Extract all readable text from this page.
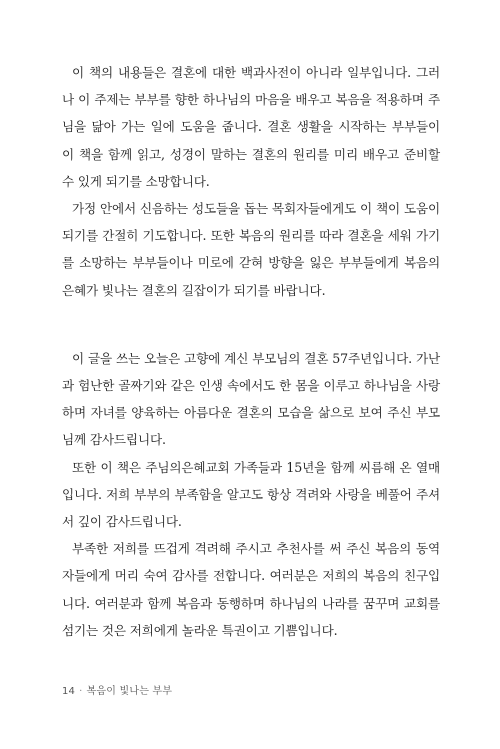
이 책의 내용들은 결혼에 대한 백과사전이 아니라 일부입니다. 그러나 이 주제는 부부를 향한 하나님의 마음을 배우고 복음을 적용하며 주님을 닮아 가는 일에 도움을 줍니다. 결혼 생활을 시작하는 부부들이 이 책을 함께 읽고, 성경이 말하는 결혼의 원리를 미리 배우고 준비할 수 있게 되기를 소망합니다.

가정 안에서 신음하는 성도들을 돕는 목회자들에게도 이 책이 도움이 되기를 간절히 기도합니다. 또한 복음의 원리를 따라 결혼을 세워 가기를 소망하는 부부들이나 미로에 갇혀 방향을 잃은 부부들에게 복음의 은혜가 빛나는 결혼의 길잡이가 되기를 바랍니다.

이 글을 쓰는 오늘은 고향에 계신 부모님의 결혼 57주년입니다. 가난과 험난한 골짜기와 같은 인생 속에서도 한 몸을 이루고 하나님을 사랑하며 자녀를 양육하는 아름다운 결혼의 모습을 삶으로 보여 주신 부모님께 감사드립니다.

또한 이 책은 주님의은혜교회 가족들과 15년을 함께 씨름해 온 열매입니다. 저희 부부의 부족함을 알고도 항상 격려와 사랑을 베풀어 주셔서 깊이 감사드립니다.

부족한 저희를 뜨겁게 격려해 주시고 추천사를 써 주신 복음의 동역자들에게 머리 숙여 감사를 전합니다. 여러분은 저희의 복음의 친구입니다. 여러분과 함께 복음과 동행하며 하나님의 나라를 꿈꾸며 교회를 섬기는 것은 저희에게 놀라운 특권이고 기쁨입니다.

14 · 복음이 빛나는 부부
